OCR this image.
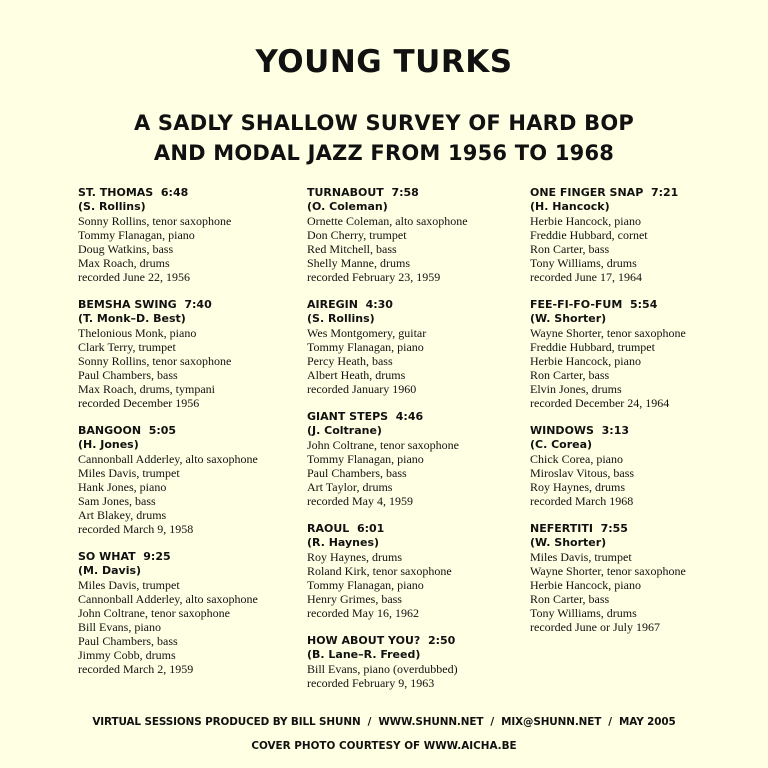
YOUNG TURKS
A SADLY SHALLOW SURVEY OF HARD BOP
AND MODAL JAZZ FROM 1956 TO 1968
ST. THOMAS 6:48
(S. Rollins)
Sonny Rollins, tenor saxophone
Tommy Flanagan, piano
Doug Watkins, bass
Max Roach, drums
recorded June 22, 1956
BEMSHA SWING 7:40
(T. Monk–D. Best)
Thelonious Monk, piano
Clark Terry, trumpet
Sonny Rollins, tenor saxophone
Paul Chambers, bass
Max Roach, drums, tympani
recorded December 1956
BANGOON 5:05
(H. Jones)
Cannonball Adderley, alto saxophone
Miles Davis, trumpet
Hank Jones, piano
Sam Jones, bass
Art Blakey, drums
recorded March 9, 1958
SO WHAT 9:25
(M. Davis)
Miles Davis, trumpet
Cannonball Adderley, alto saxophone
John Coltrane, tenor saxophone
Bill Evans, piano
Paul Chambers, bass
Jimmy Cobb, drums
recorded March 2, 1959
TURNABOUT 7:58
(O. Coleman)
Ornette Coleman, alto saxophone
Don Cherry, trumpet
Red Mitchell, bass
Shelly Manne, drums
recorded February 23, 1959
AIREGIN 4:30
(S. Rollins)
Wes Montgomery, guitar
Tommy Flanagan, piano
Percy Heath, bass
Albert Heath, drums
recorded January 1960
GIANT STEPS 4:46
(J. Coltrane)
John Coltrane, tenor saxophone
Tommy Flanagan, piano
Paul Chambers, bass
Art Taylor, drums
recorded May 4, 1959
RAOUL 6:01
(R. Haynes)
Roy Haynes, drums
Roland Kirk, tenor saxophone
Tommy Flanagan, piano
Henry Grimes, bass
recorded May 16, 1962
HOW ABOUT YOU? 2:50
(B. Lane–R. Freed)
Bill Evans, piano (overdubbed)
recorded February 9, 1963
ONE FINGER SNAP 7:21
(H. Hancock)
Herbie Hancock, piano
Freddie Hubbard, cornet
Ron Carter, bass
Tony Williams, drums
recorded June 17, 1964
FEE-FI-FO-FUM 5:54
(W. Shorter)
Wayne Shorter, tenor saxophone
Freddie Hubbard, trumpet
Herbie Hancock, piano
Ron Carter, bass
Elvin Jones, drums
recorded December 24, 1964
WINDOWS 3:13
(C. Corea)
Chick Corea, piano
Miroslav Vitous, bass
Roy Haynes, drums
recorded March 1968
NEFERTITI 7:55
(W. Shorter)
Miles Davis, trumpet
Wayne Shorter, tenor saxophone
Herbie Hancock, piano
Ron Carter, bass
Tony Williams, drums
recorded June or July 1967
VIRTUAL SESSIONS PRODUCED BY BILL SHUNN  /  WWW.SHUNN.NET  /  MIX@SHUNN.NET  /  MAY 2005
COVER PHOTO COURTESY OF WWW.AICHA.BE
